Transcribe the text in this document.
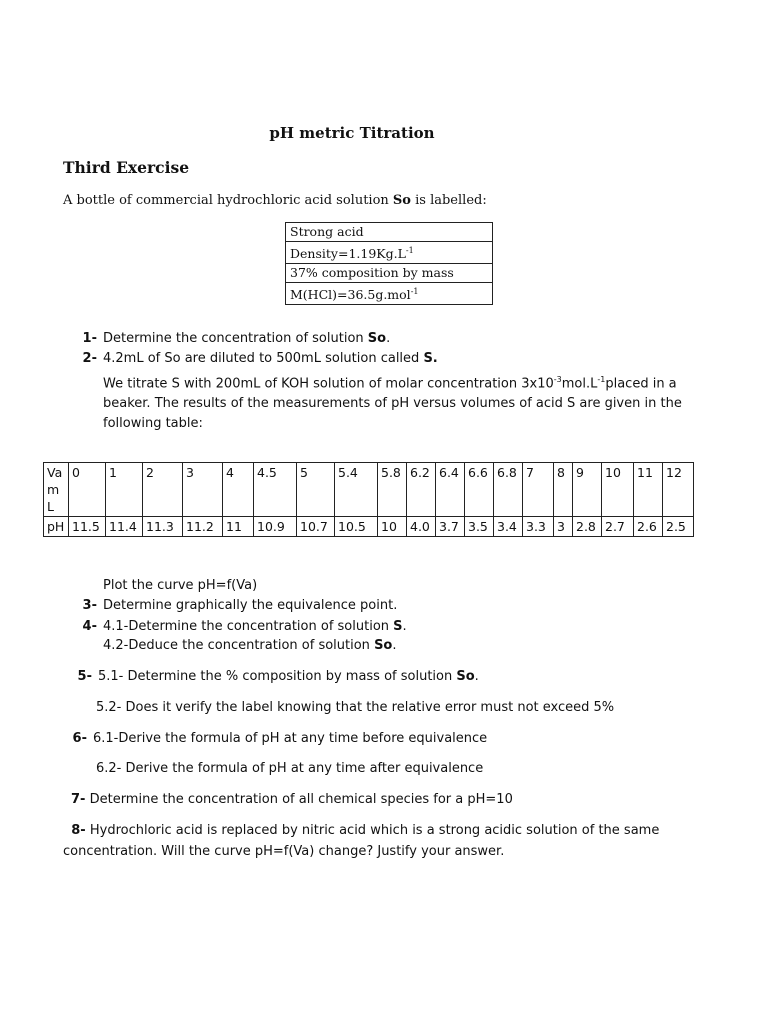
pH metric Titration
Third Exercise
A bottle of commercial hydrochloric acid solution So is labelled:
Strong acid
$Density=1.19Kg.L^{-1}$
37% composition by mass
M(HCl)=36.5g.mol$^{-1}$
1- Determine the concentration of solution So.
2- 4.2mL of So are diluted to 500mL solution called S.
We titrate S with 200mL of KOH solution of molar concentration $3x10^{-3}mol.L^{-1}placed$ in a beaker. The results of the measurements of pH versus volumes of acid S are given in the following table:
Va mL	0	1	2	3	4	4.5	5	5.4	5.8	6.2	6.4	6.6	6.8	7	8	9	10	11	12

pH	11.5	11.4	11.3	11.2	11	10.9	10.7	10.5	10	4.0	3.7	3.5	3.4	3.3	3	2.8	2.7	2.6	2.5
Plot the curve pH=f(Va)
3- Determine graphically the equivalence point.
4- 4.1-Determine the concentration of solution S.
4.2-Deduce the concentration of solution So.
5- 5.1- Determine the % composition by mass of solution So.
5.2- Does it verify the label knowing that the relative error must not exceed 5%
6- 6.1-Derive the formula of pH at any time before equivalence
6.2- Derive the formula of pH at any time after equivalence
7- Determine the concentration of all chemical species for a pH=10
8- Hydrochloric acid is replaced by nitric acid which is a strong acidic solution of the same concentration. Will the curve pH=f(Va) change? Justify your answer.
